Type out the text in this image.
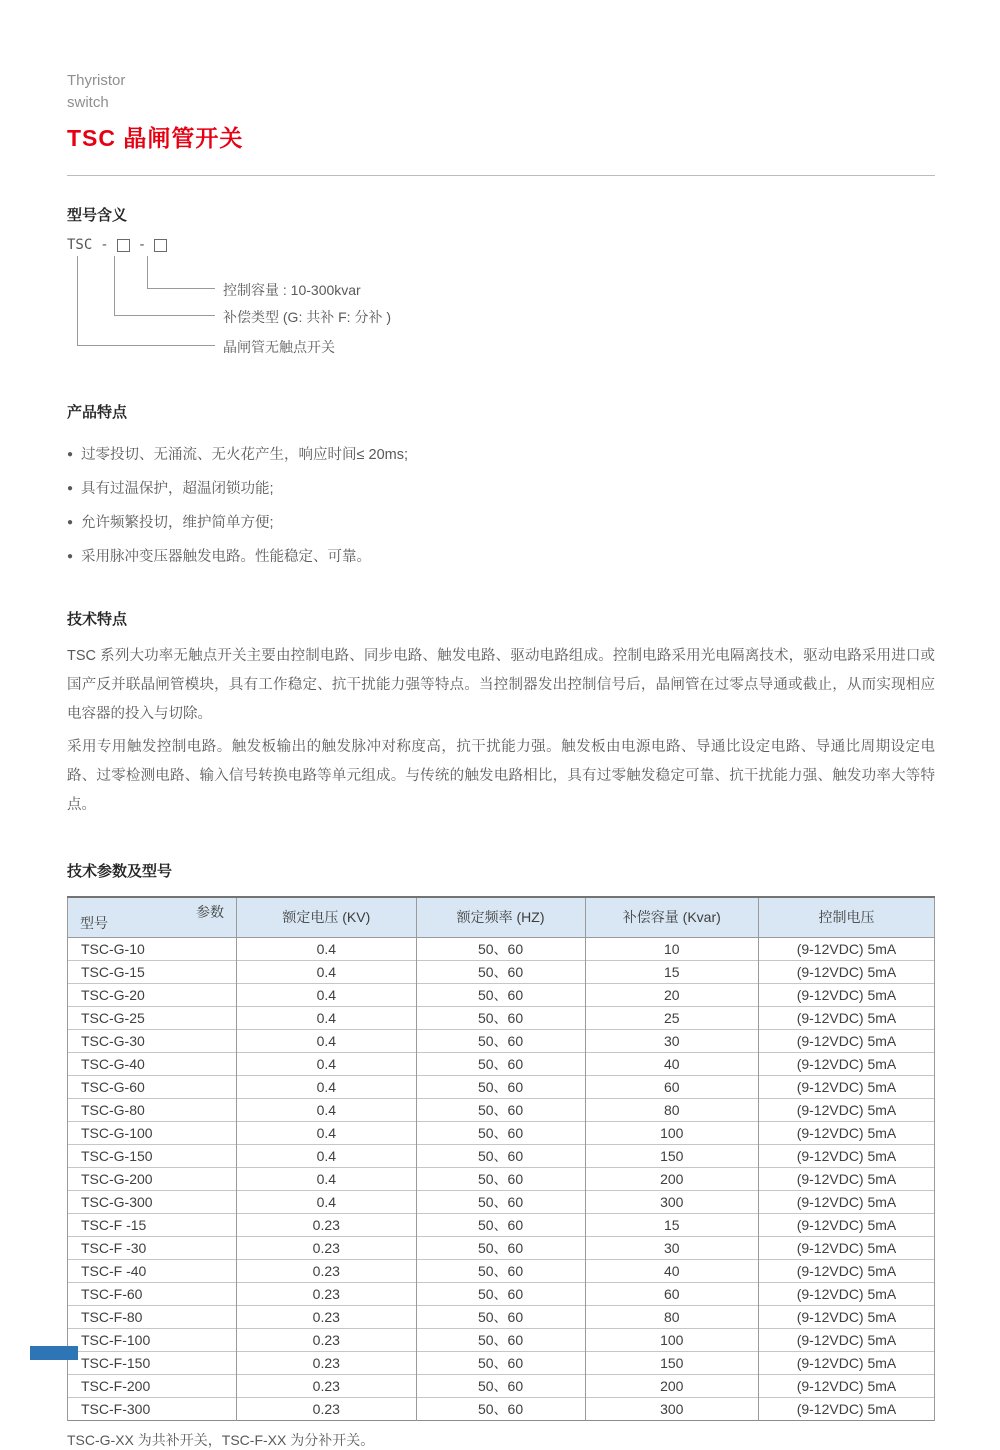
Thyristor
switch
TSC 晶闸管开关
型号含义
TSC - -
控制容量 : 10-300kvar
补偿类型 (G: 共补 F: 分补 )
晶闸管无触点开关
产品特点
● 过零投切、无涌流、无火花产生，响应时间≤ 20ms;
● 具有过温保护，超温闭锁功能;
● 允许频繁投切，维护简单方便;
● 采用脉冲变压器触发电路。性能稳定、可靠。
技术特点

TSC 系列大功率无触点开关主要由控制电路、同步电路、触发电路、驱动电路组成。控制电路采用光电隔离技术，驱动电路采用进口或国产反并联晶闸管模块，具有工作稳定、抗干扰能力强等特点。当控制器发出控制信号后，晶闸管在过零点导通或截止，从而实现相应电容器的投入与切除。

采用专用触发控制电路。触发板输出的触发脉冲对称度高，抗干扰能力强。触发板由电源电路、导通比设定电路、导通比周期设定电路、过零检测电路、输入信号转换电路等单元组成。与传统的触发电路相比，具有过零触发稳定可靠、抗干扰能力强、触发功率大等特点。

技术参数及型号
参数
型号	额定电压 (KV)	额定频率 (HZ)	补偿容量 (Kvar)	控制电压
TSC-G-10	0.4	50、60	10	(9-12VDC) 5mA
TSC-G-15	0.4	50、60	15	(9-12VDC) 5mA
TSC-G-20	0.4	50、60	20	(9-12VDC) 5mA
TSC-G-25	0.4	50、60	25	(9-12VDC) 5mA
TSC-G-30	0.4	50、60	30	(9-12VDC) 5mA
TSC-G-40	0.4	50、60	40	(9-12VDC) 5mA
TSC-G-60	0.4	50、60	60	(9-12VDC) 5mA
TSC-G-80	0.4	50、60	80	(9-12VDC) 5mA
TSC-G-100	0.4	50、60	100	(9-12VDC) 5mA
TSC-G-150	0.4	50、60	150	(9-12VDC) 5mA
TSC-G-200	0.4	50、60	200	(9-12VDC) 5mA
TSC-G-300	0.4	50、60	300	(9-12VDC) 5mA
TSC-F -15	0.23	50、60	15	(9-12VDC) 5mA
TSC-F -30	0.23	50、60	30	(9-12VDC) 5mA
TSC-F -40	0.23	50、60	40	(9-12VDC) 5mA
TSC-F-60	0.23	50、60	60	(9-12VDC) 5mA
TSC-F-80	0.23	50、60	80	(9-12VDC) 5mA
TSC-F-100	0.23	50、60	100	(9-12VDC) 5mA
TSC-F-150	0.23	50、60	150	(9-12VDC) 5mA
TSC-F-200	0.23	50、60	200	(9-12VDC) 5mA
TSC-F-300	0.23	50、60	300	(9-12VDC) 5mA
TSC-G-XX 为共补开关，TSC-F-XX 为分补开关。
